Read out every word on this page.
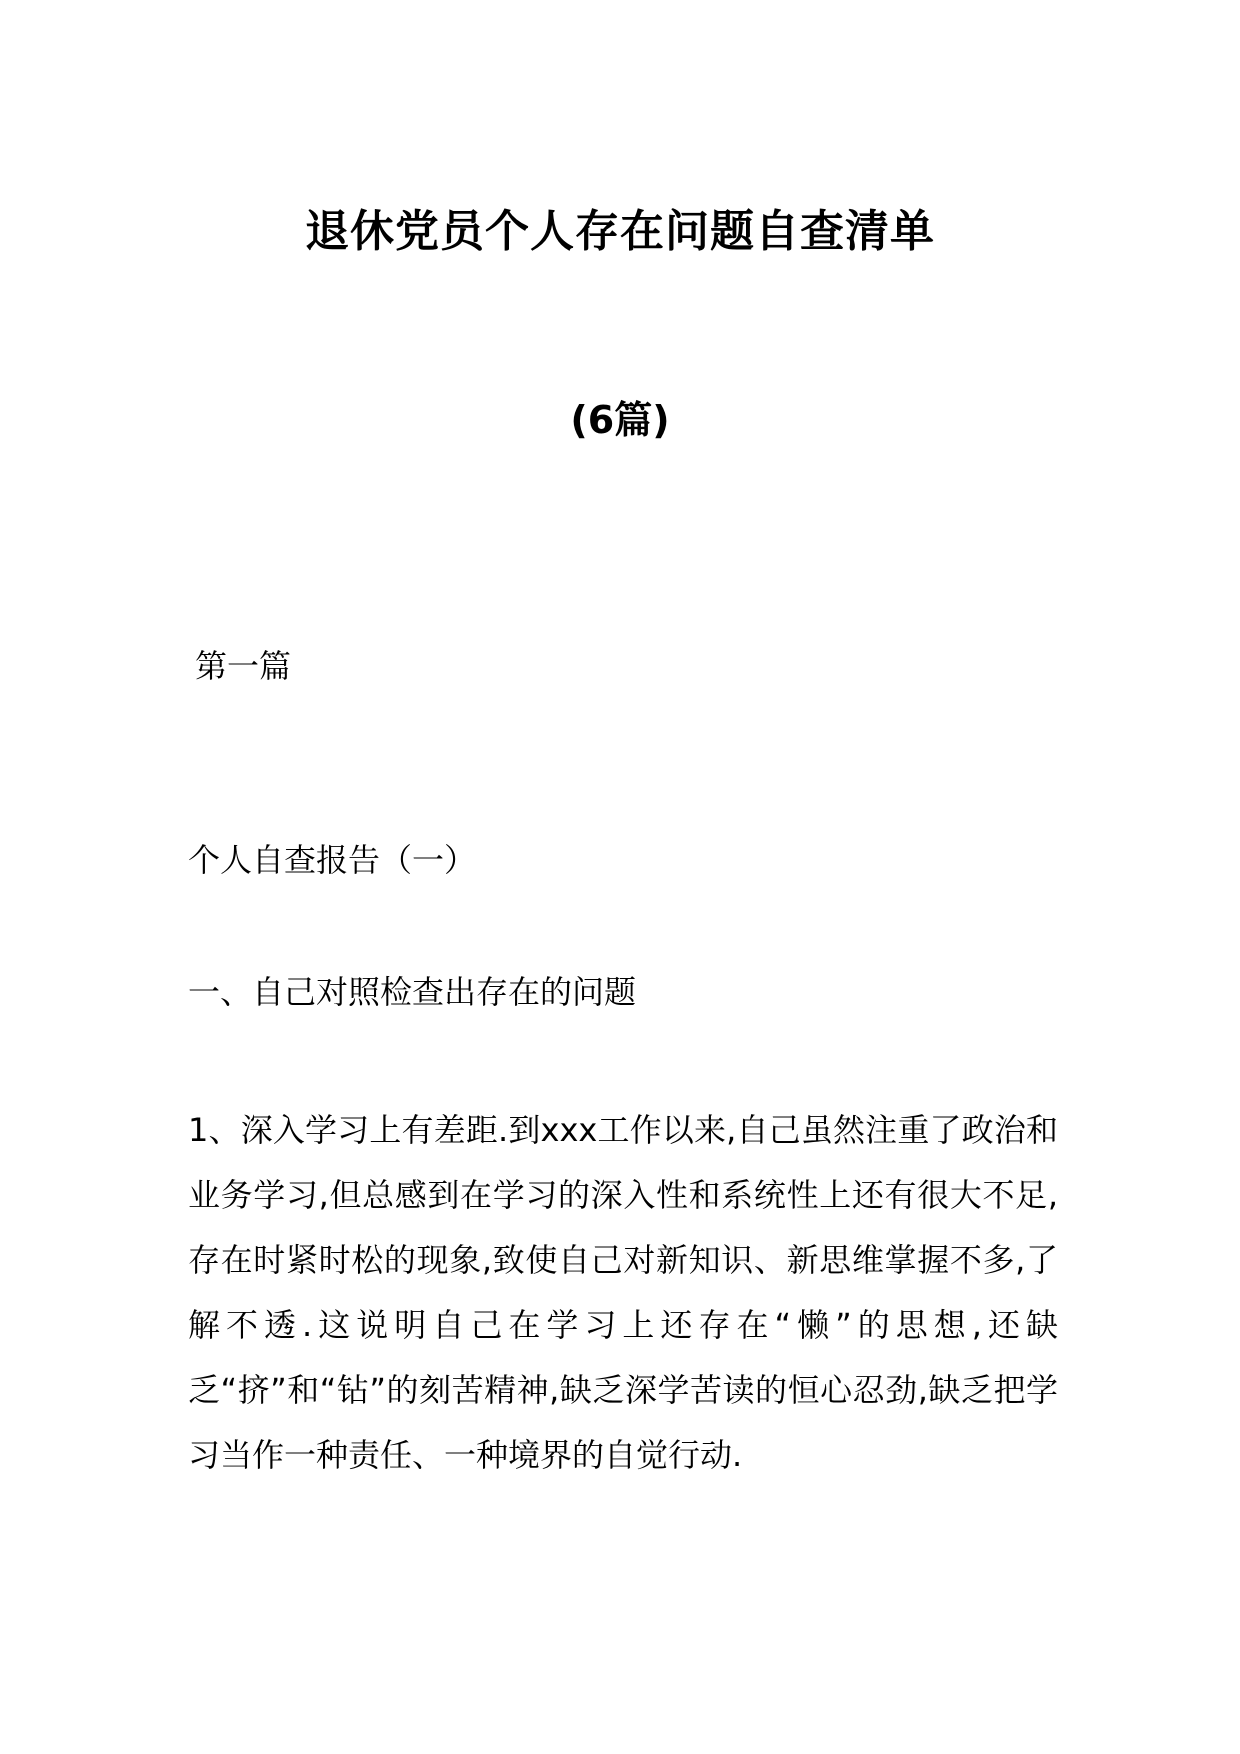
退休党员个人存在问题自查清单
(6篇)
第一篇
个人自查报告（一）
一、自己对照检查出存在的问题
1、深入学习上有差距.到xxx工作以来,自己虽然注重了政治和业务学习,但总感到在学习的深入性和系统性上还有很大不足,存在时紧时松的现象,致使自己对新知识、新思维掌握不多,了解不透.这说明自己在学习上还存在“懒”的思想,还缺乏“挤”和“钻”的刻苦精神,缺乏深学苦读的恒心忍劲,缺乏把学习当作一种责任、一种境界的自觉行动.
